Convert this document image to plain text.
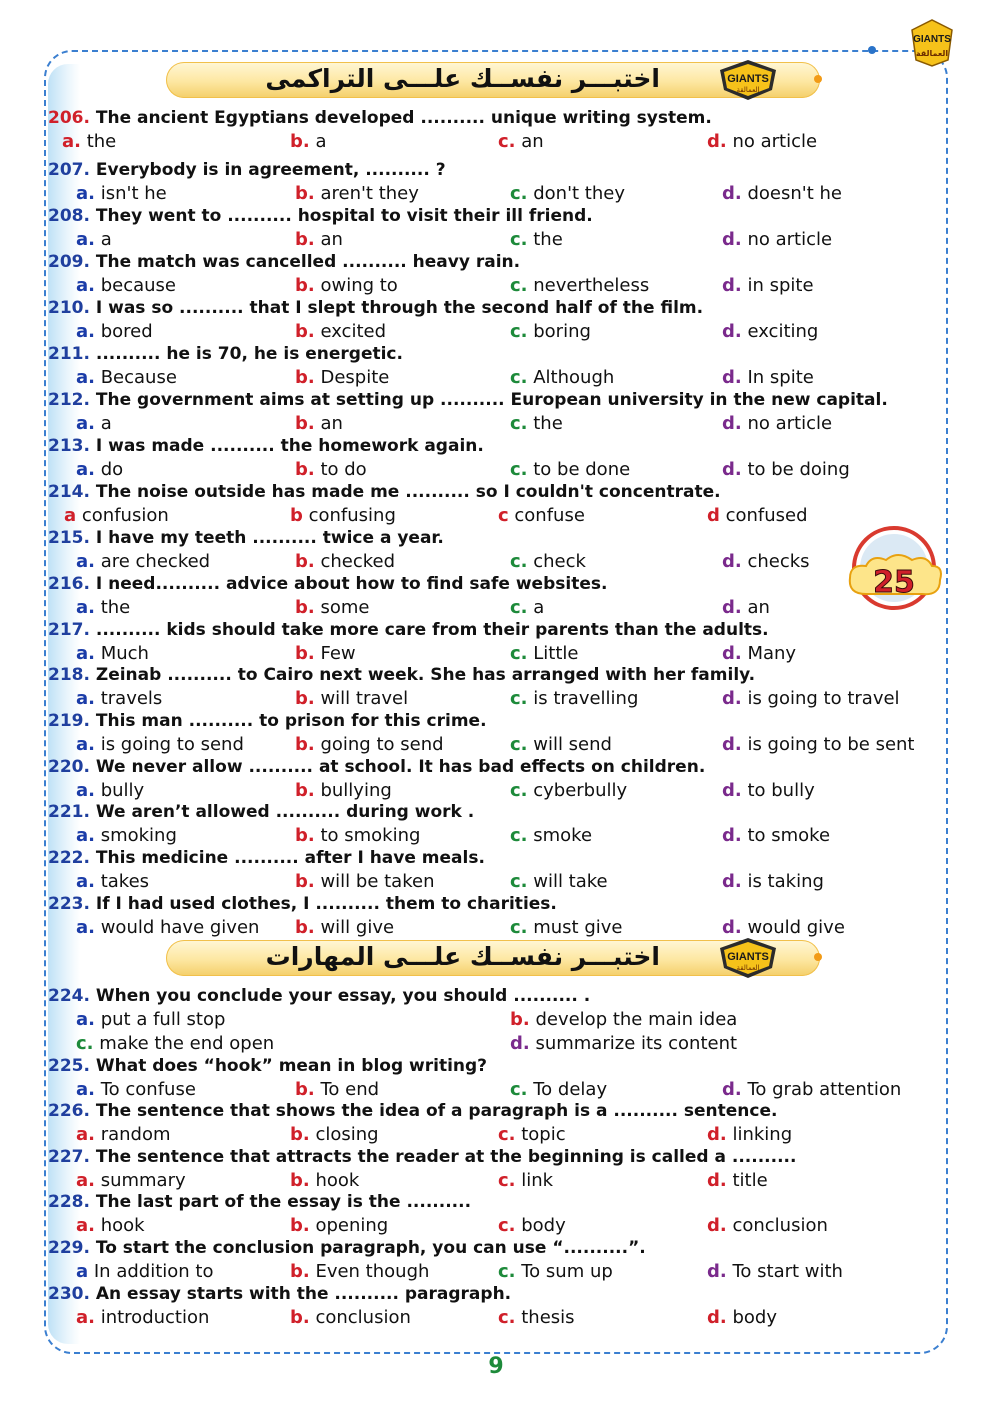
GIANTS
العمالقة
اختبـــر نفســك علـــى التراكمى	GIANTS
العمالقة
اختبـــر نفســك علـــى المهارات	GIANTS
العمالقة
25
206. The ancient Egyptians developed .......... unique writing system.
a. the	b. a	c. an	d. no article
207. Everybody is in agreement, .......... ?
a. isn't he	b. aren't they	c. don't they	d. doesn't he
208. They went to .......... hospital to visit their ill friend.
a. a	b. an	c. the	d. no article
209. The match was cancelled .......... heavy rain.
a. because	b. owing to	c. nevertheless	d. in spite
210. I was so .......... that I slept through the second half of the film.
a. bored	b. excited	c. boring	d. exciting
211. .......... he is 70, he is energetic.
a. Because	b. Despite	c. Although	d. In spite
212. The government aims at setting up .......... European university in the new capital.
a. a	b. an	c. the	d. no article
213. I was made .......... the homework again.
a. do	b. to do	c. to be done	d. to be doing
214. The noise outside has made me .......... so I couldn't concentrate.
a confusion	b confusing	c confuse	d confused
215. I have my teeth .......... twice a year.
a. are checked	b. checked	c. check	d. checks
216. I need.......... advice about how to find safe websites.
a. the	b. some	c. a	d. an
217. .......... kids should take more care from their parents than the adults.
a. Much	b. Few	c. Little	d. Many
218. Zeinab .......... to Cairo next week. She has arranged with her family.
a. travels	b. will travel	c. is travelling	d. is going to travel
219. This man .......... to prison for this crime.
a. is going to send	b. going to send	c. will send	d. is going to be sent
220. We never allow .......... at school. It has bad effects on children.
a. bully	b. bullying	c. cyberbully	d. to bully
221. We aren’t allowed .......... during work .
a. smoking	b. to smoking	c. smoke	d. to smoke
222. This medicine .......... after I have meals.
a. takes	b. will be taken	c. will take	d. is taking
223. If I had used clothes, I .......... them to charities.
a. would have given b. will give	c. must give	d. would give
224. When you conclude your essay, you should .......... .
a. put a full stop	b. develop the main idea
c. make the end open	d. summarize its content
225. What does “hook” mean in blog writing?
a. To confuse	b. To end	c. To delay	d. To grab attention
226. The sentence that shows the idea of a paragraph is a .......... sentence.
a. random	b. closing	c. topic	d. linking
227. The sentence that attracts the reader at the beginning is called a ..........
a. summary	b. hook	c. link	d. title
228. The last part of the essay is the ..........
a. hook	b. opening	c. body	d. conclusion
229. To start the conclusion paragraph, you can use “..........”.
a In addition to	b. Even though	c. To sum up	d. To start with
230. An essay starts with the .......... paragraph.
a. introduction	b. conclusion	c. thesis	d. body
9
